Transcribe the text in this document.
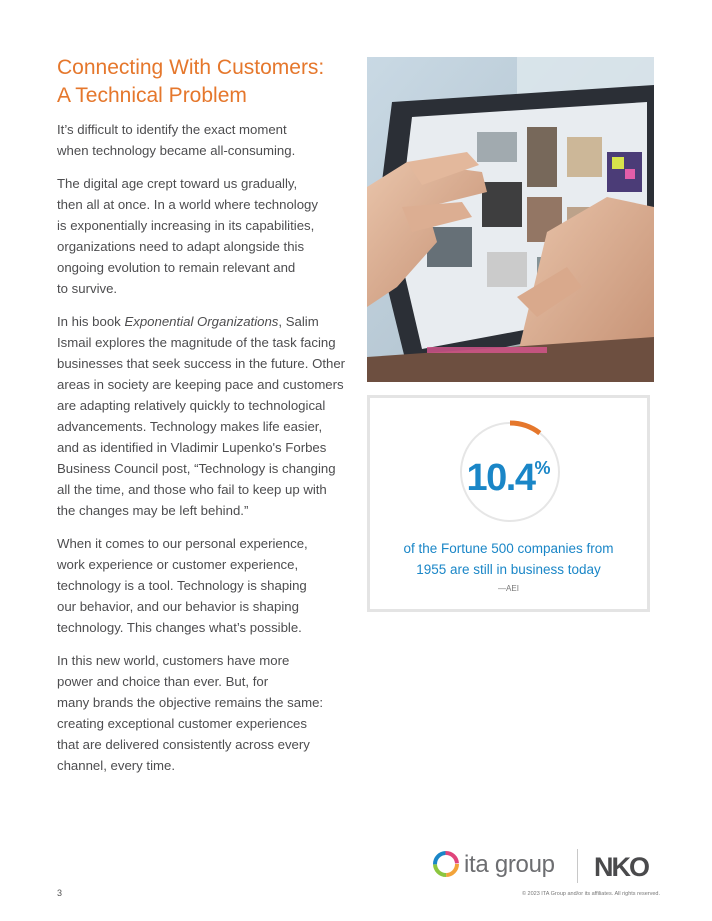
Connecting With Customers:
A Technical Problem

It’s difficult to identify the exact moment
when technology became all-consuming.

The digital age crept toward us gradually,
then all at once. In a world where technology
is exponentially increasing in its capabilities,
organizations need to adapt alongside this
ongoing evolution to remain relevant and
to survive.

In his book Exponential Organizations, Salim
Ismail explores the magnitude of the task facing
businesses that seek success in the future. Other
areas in society are keeping pace and customers
are adapting relatively quickly to technological
advancements. Technology makes life easier,
and as identified in Vladimir Lupenko's Forbes
Business Council post, “Technology is changing
all the time, and those who fail to keep up with
the changes may be left behind.”

When it comes to our personal experience,
work experience or customer experience,
technology is a tool. Technology is shaping
our behavior, and our behavior is shaping
technology. This changes what’s possible.

In this new world, customers have more
power and choice than ever. But, for
many brands the objective remains the same:
creating exceptional customer experiences
that are delivered consistently across every
channel, every time.

10.4%
of the Fortune 500 companies from
1955 are still in business today
—AEI
3
ita group NKO
© 2023 ITA Group and/or its affiliates. All rights reserved.
